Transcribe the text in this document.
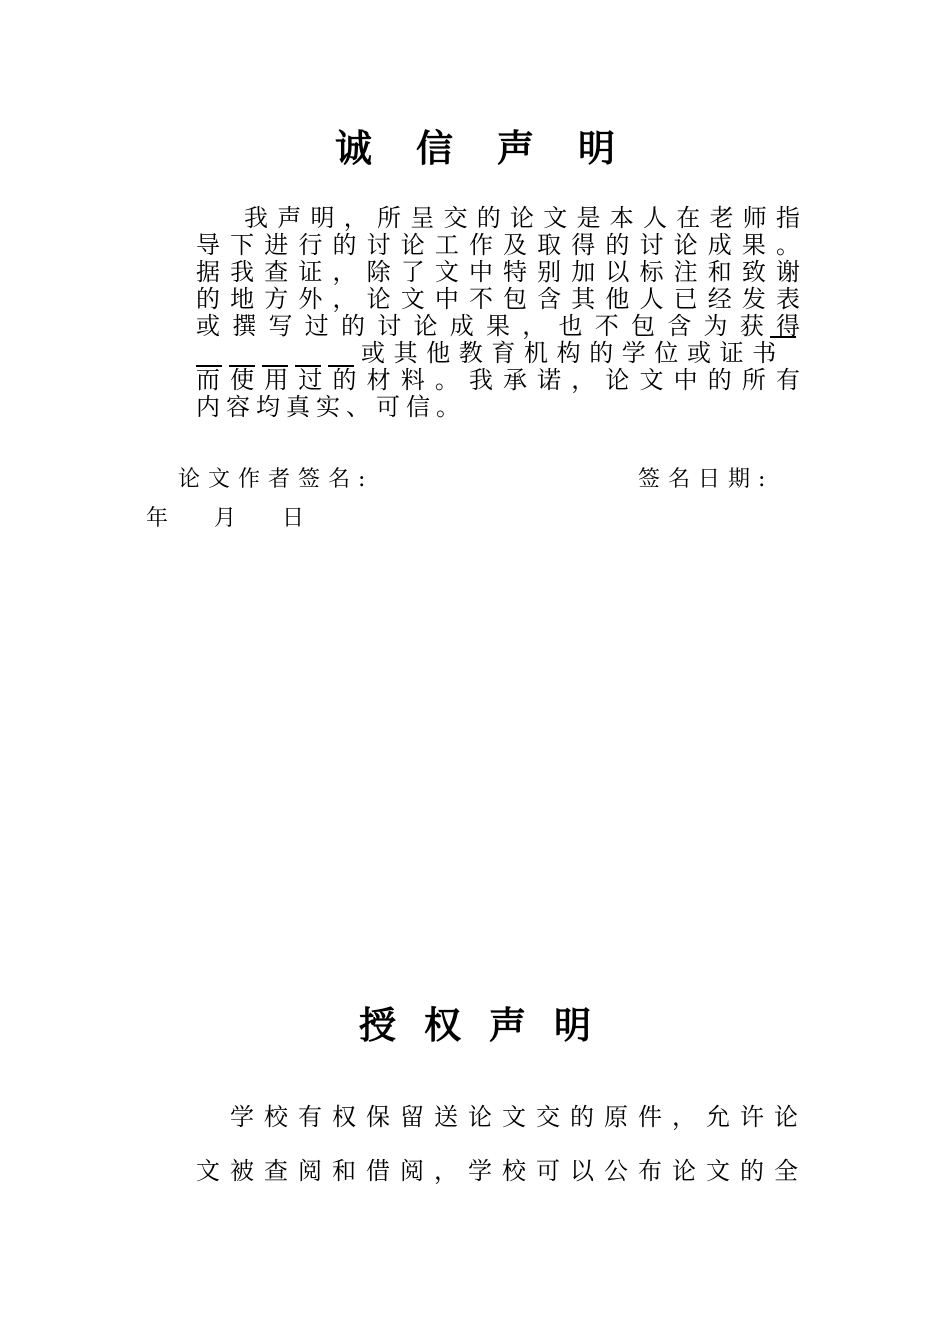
诚信声明
我声明，所呈交的论文是本人在老师指
导下进行的讨论工作及取得的讨论成果。
据我查证，除了文中特别加以标注和致谢
的地方外，论文中不包含其他人已经发表
或撰写过的讨论成果，也不包含为获得
或其他教育机构的学位或证书
而使用过的材料。我承诺，论文中的所有
内容均真实、可信。
论文作者签名:	签名日期:
年 月 日
授权声明
学校有权保留送论文交的原件，允许论
文被查阅和借阅，学校可以公布论文的全
